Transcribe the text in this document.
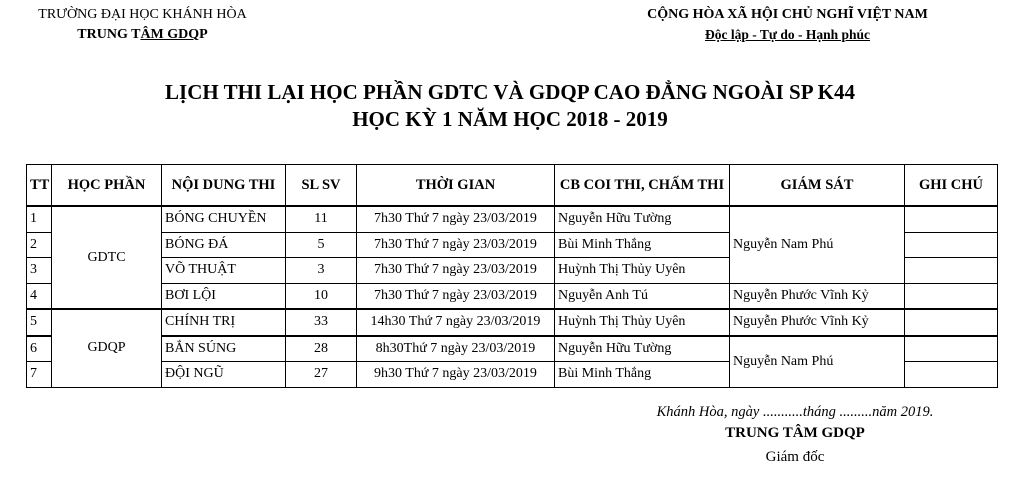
TRƯỜNG ĐẠI HỌC KHÁNH HÒA
TRUNG TÂM GDQP
CỘNG HÒA XÃ HỘI CHỦ NGHĨ VIỆT NAM
Độc lập - Tự do - Hạnh phúc
LỊCH THI LẠI HỌC PHẦN GDTC VÀ GDQP CAO ĐẲNG NGOÀI SP K44
HỌC KỲ 1 NĂM HỌC 2018 - 2019
TT	HỌC PHẦN	NỘI DUNG THI	SL SV	THỜI GIAN	CB COI THI, CHẤM THI	GIÁM SÁT	GHI CHÚ
1	GDTC	BÓNG CHUYỀN	11	7h30 Thứ 7 ngày 23/03/2019	Nguyễn Hữu Tường	Nguyễn Nam Phú	
2		BÓNG ĐÁ	5	7h30 Thứ 7 ngày 23/03/2019	Bùi Minh Thắng		
3		VÕ THUẬT	3	7h30 Thứ 7 ngày 23/03/2019	Huỳnh Thị Thủy Uyên		
4		BƠI LỘI	10	7h30 Thứ 7 ngày 23/03/2019	Nguyễn Anh Tú	Nguyễn Phước Vĩnh Kỷ	
5	GDQP	CHÍNH TRỊ	33	14h30 Thứ 7 ngày 23/03/2019	Huỳnh Thị Thủy Uyên	Nguyễn Phước Vĩnh Kỷ	
6		BẮN SÚNG	28	8h30Thứ 7 ngày 23/03/2019	Nguyễn Hữu Tường	Nguyễn Nam Phú	
7		ĐỘI NGŨ	27	9h30 Thứ 7 ngày 23/03/2019	Bùi Minh Thắng		
Khánh Hòa, ngày ...........tháng .........năm 2019.
TRUNG TÂM GDQP
Giám đốc
